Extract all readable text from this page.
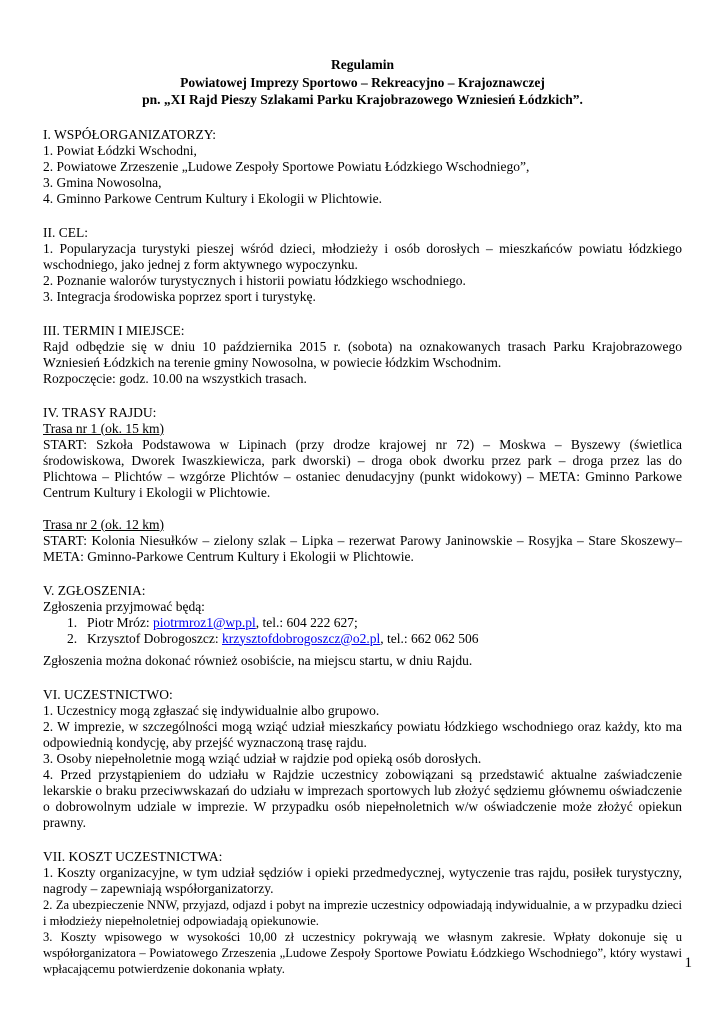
Regulamin
Powiatowej Imprezy Sportowo – Rekreacyjno – Krajoznawczej
pn. „XI Rajd Pieszy Szlakami Parku Krajobrazowego Wzniesień Łódzkich”.

I. WSPÓŁORGANIZATORZY:

1. Powiat Łódzki Wschodni,

2. Powiatowe Zrzeszenie „Ludowe Zespoły Sportowe Powiatu Łódzkiego Wschodniego”,

3. Gmina Nowosolna,

4. Gminno Parkowe Centrum Kultury i Ekologii w Plichtowie.

II. CEL:

1. Popularyzacja turystyki pieszej wśród dzieci, młodzieży i osób dorosłych – mieszkańców powiatu łódzkiego wschodniego, jako jednej z form aktywnego wypoczynku.

2. Poznanie walorów turystycznych i historii powiatu łódzkiego wschodniego.

3. Integracja środowiska poprzez sport i turystykę.

III. TERMIN I MIEJSCE:

Rajd odbędzie się w dniu 10 października 2015 r. (sobota) na oznakowanych trasach Parku Krajobrazowego Wzniesień Łódzkich na terenie gminy Nowosolna, w powiecie łódzkim Wschodnim.

Rozpoczęcie: godz. 10.00 na wszystkich trasach.

IV. TRASY RAJDU:

Trasa nr 1 (ok. 15 km)

START: Szkoła Podstawowa w Lipinach (przy drodze krajowej nr 72) – Moskwa – Byszewy (świetlica środowiskowa, Dworek Iwaszkiewicza, park dworski) – droga obok dworku przez park – droga przez las do Plichtowa – Plichtów – wzgórze Plichtów – ostaniec denudacyjny (punkt widokowy) – META: Gminno Parkowe Centrum Kultury i Ekologii w Plichtowie.

Trasa nr 2 (ok. 12 km)

START: Kolonia Niesułków – zielony szlak – Lipka – rezerwat Parowy Janinowskie – Rosyjka – Stare Skoszewy– META: Gminno-Parkowe Centrum Kultury i Ekologii w Plichtowie.

V. ZGŁOSZENIA:

Zgłoszenia przyjmować będą:

1. Piotr Mróz: piotrmroz1@wp.pl, tel.: 604 222 627;
2. Krzysztof Dobrogoszcz: krzysztofdobrogoszcz@o2.pl, tel.: 662 062 506

Zgłoszenia można dokonać również osobiście, na miejscu startu, w dniu Rajdu.

VI. UCZESTNICTWO:

1. Uczestnicy mogą zgłaszać się indywidualnie albo grupowo.

2. W imprezie, w szczególności mogą wziąć udział mieszkańcy powiatu łódzkiego wschodniego oraz każdy, kto ma odpowiednią kondycję, aby przejść wyznaczoną trasę rajdu.

3. Osoby niepełnoletnie mogą wziąć udział w rajdzie pod opieką osób dorosłych.

4. Przed przystąpieniem do udziału w Rajdzie uczestnicy zobowiązani są przedstawić aktualne zaświadczenie lekarskie o braku przeciwwskazań do udziału w imprezach sportowych lub złożyć sędziemu głównemu oświadczenie o dobrowolnym udziale w imprezie. W przypadku osób niepełnoletnich w/w oświadczenie może złożyć opiekun prawny.

VII. KOSZT UCZESTNICTWA:

1. Koszty organizacyjne, w tym udział sędziów i opieki przedmedycznej, wytyczenie tras rajdu, posiłek turystyczny, nagrody – zapewniają współorganizatorzy.

2. Za ubezpieczenie NNW, przyjazd, odjazd i pobyt na imprezie uczestnicy odpowiadają indywidualnie, a w przypadku dzieci i młodzieży niepełnoletniej odpowiadają opiekunowie.

3. Koszty wpisowego w wysokości 10,00 zł uczestnicy pokrywają we własnym zakresie. Wpłaty dokonuje się u współorganizatora – Powiatowego Zrzeszenia „Ludowe Zespoły Sportowe Powiatu Łódzkiego Wschodniego”, który wystawi wpłacającemu potwierdzenie dokonania wpłaty.	1
